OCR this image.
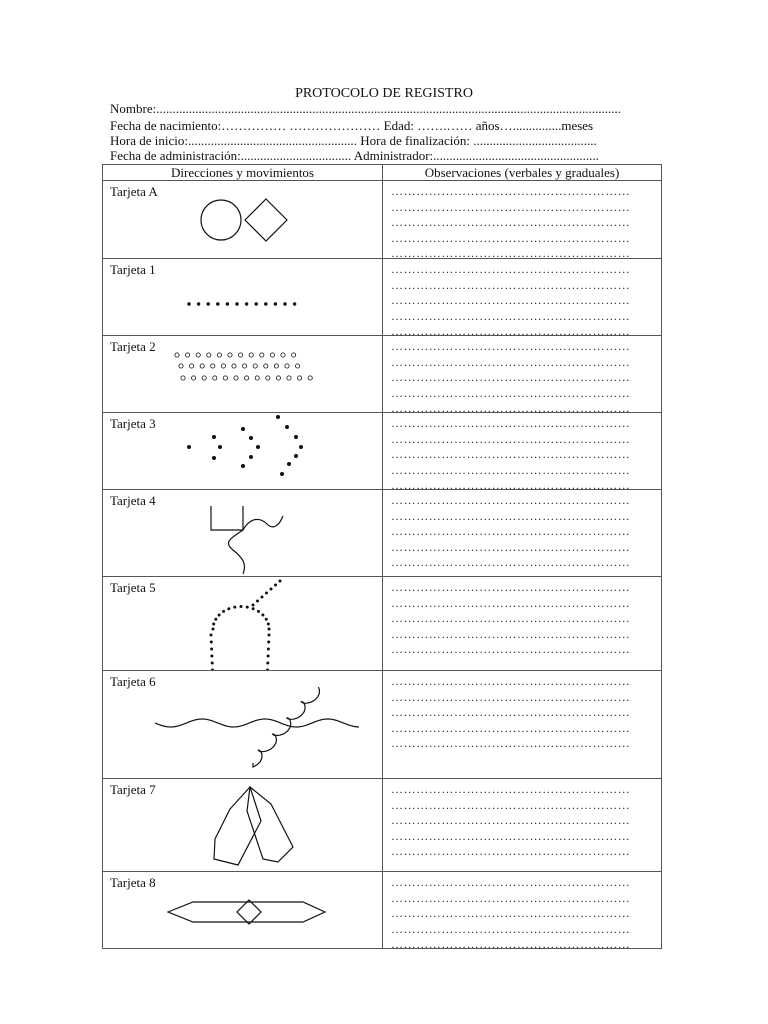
PROTOCOLO DE REGISTRO
Nombre:...............................................................................................................................................
Fecha de nacimiento:…………… ………………… Edad: …….…… años…...............meses
Hora de inicio:.................................................... Hora de finalización: ......................................
Fecha de administración:.................................. Administrador:...................................................
Direcciones y movimientos	Observaciones (verbales y graduales)
Tarjeta A	…………………………………………………
…………………………………………………
…………………………………………………
…………………………………………………
…………………………………………………
Tarjeta 1	…………………………………………………
…………………………………………………
…………………………………………………
…………………………………………………
…………………………………………………
Tarjeta 2	…………………………………………………
…………………………………………………
…………………………………………………
…………………………………………………
…………………………………………………
Tarjeta 3	…………………………………………………
…………………………………………………
…………………………………………………
…………………………………………………
…………………………………………………
Tarjeta 4	…………………………………………………
…………………………………………………
…………………………………………………
…………………………………………………
…………………………………………………
Tarjeta 5	…………………………………………………
…………………………………………………
…………………………………………………
…………………………………………………
…………………………………………………
Tarjeta 6	…………………………………………………
…………………………………………………
…………………………………………………
…………………………………………………
…………………………………………………
Tarjeta 7	…………………………………………………
…………………………………………………
…………………………………………………
…………………………………………………
…………………………………………………
Tarjeta 8	…………………………………………………
…………………………………………………
…………………………………………………
…………………………………………………
…………………………………………………
